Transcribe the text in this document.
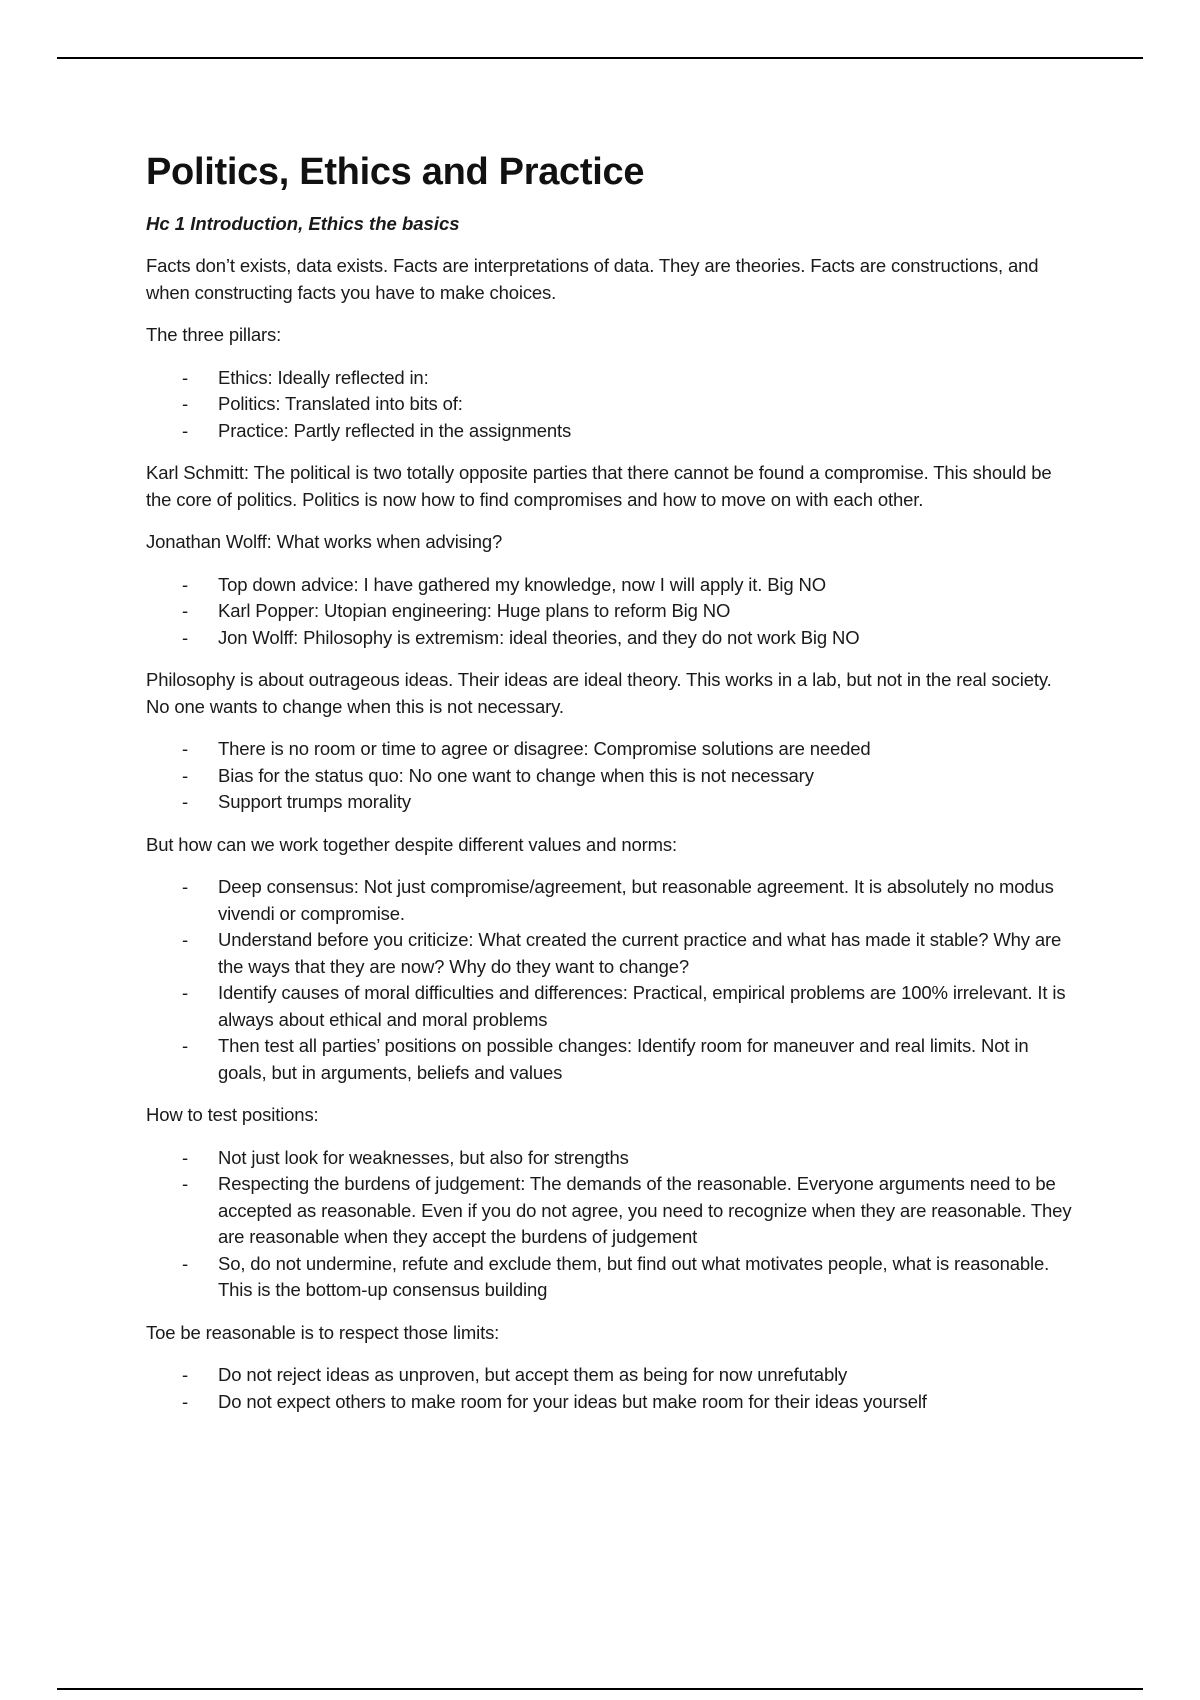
Politics, Ethics and Practice
Hc 1 Introduction, Ethics the basics

Facts don’t exists, data exists. Facts are interpretations of data. They are theories. Facts are constructions, and when constructing facts you have to make choices.

The three pillars:

- Ethics: Ideally reflected in:
- Politics: Translated into bits of:
- Practice: Partly reflected in the assignments

Karl Schmitt: The political is two totally opposite parties that there cannot be found a compromise. This should be the core of politics. Politics is now how to find compromises and how to move on with each other.

Jonathan Wolff: What works when advising?

- Top down advice: I have gathered my knowledge, now I will apply it. Big NO
- Karl Popper: Utopian engineering: Huge plans to reform Big NO
- Jon Wolff: Philosophy is extremism: ideal theories, and they do not work Big NO

Philosophy is about outrageous ideas. Their ideas are ideal theory. This works in a lab, but not in the real society. No one wants to change when this is not necessary.

- There is no room or time to agree or disagree: Compromise solutions are needed
- Bias for the status quo: No one want to change when this is not necessary
- Support trumps morality

But how can we work together despite different values and norms:

- Deep consensus: Not just compromise/agreement, but reasonable agreement. It is absolutely no modus vivendi or compromise.
- Understand before you criticize: What created the current practice and what has made it stable? Why are the ways that they are now? Why do they want to change?
- Identify causes of moral difficulties and differences: Practical, empirical problems are 100% irrelevant. It is always about ethical and moral problems
- Then test all parties’ positions on possible changes: Identify room for maneuver and real limits. Not in goals, but in arguments, beliefs and values

How to test positions:

- Not just look for weaknesses, but also for strengths
- Respecting the burdens of judgement: The demands of the reasonable. Everyone arguments need to be accepted as reasonable. Even if you do not agree, you need to recognize when they are reasonable. They are reasonable when they accept the burdens of judgement
- So, do not undermine, refute and exclude them, but find out what motivates people, what is reasonable. This is the bottom-up consensus building

Toe be reasonable is to respect those limits:

- Do not reject ideas as unproven, but accept them as being for now unrefutably
- Do not expect others to make room for your ideas but make room for their ideas yourself
